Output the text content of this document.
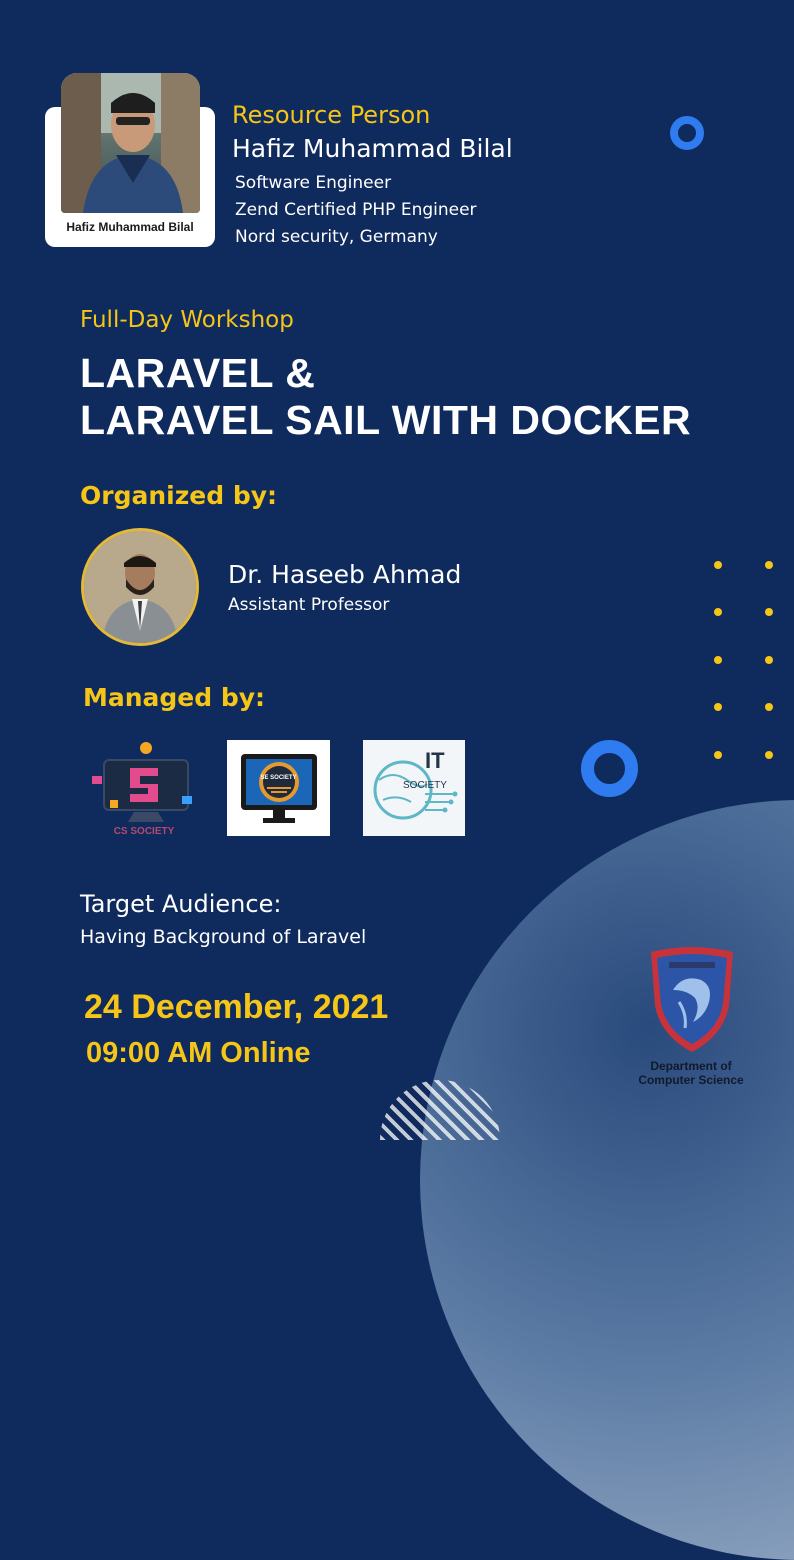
Hafiz Muhammad Bilal
Resource Person
Hafiz Muhammad Bilal
Software Engineer
Zend Certified PHP Engineer
Nord security, Germany
Full-Day Workshop
LARAVEL &
LARAVEL SAIL WITH DOCKER
Organized by:
Dr. Haseeb Ahmad
Assistant Professor
Managed by:
CS SOCIETY
SE SOCIETY
IT
SOCIETY
Target Audience:
Having Background of Laravel
24 December, 2021
09:00 AM Online	Department of
Computer Science
